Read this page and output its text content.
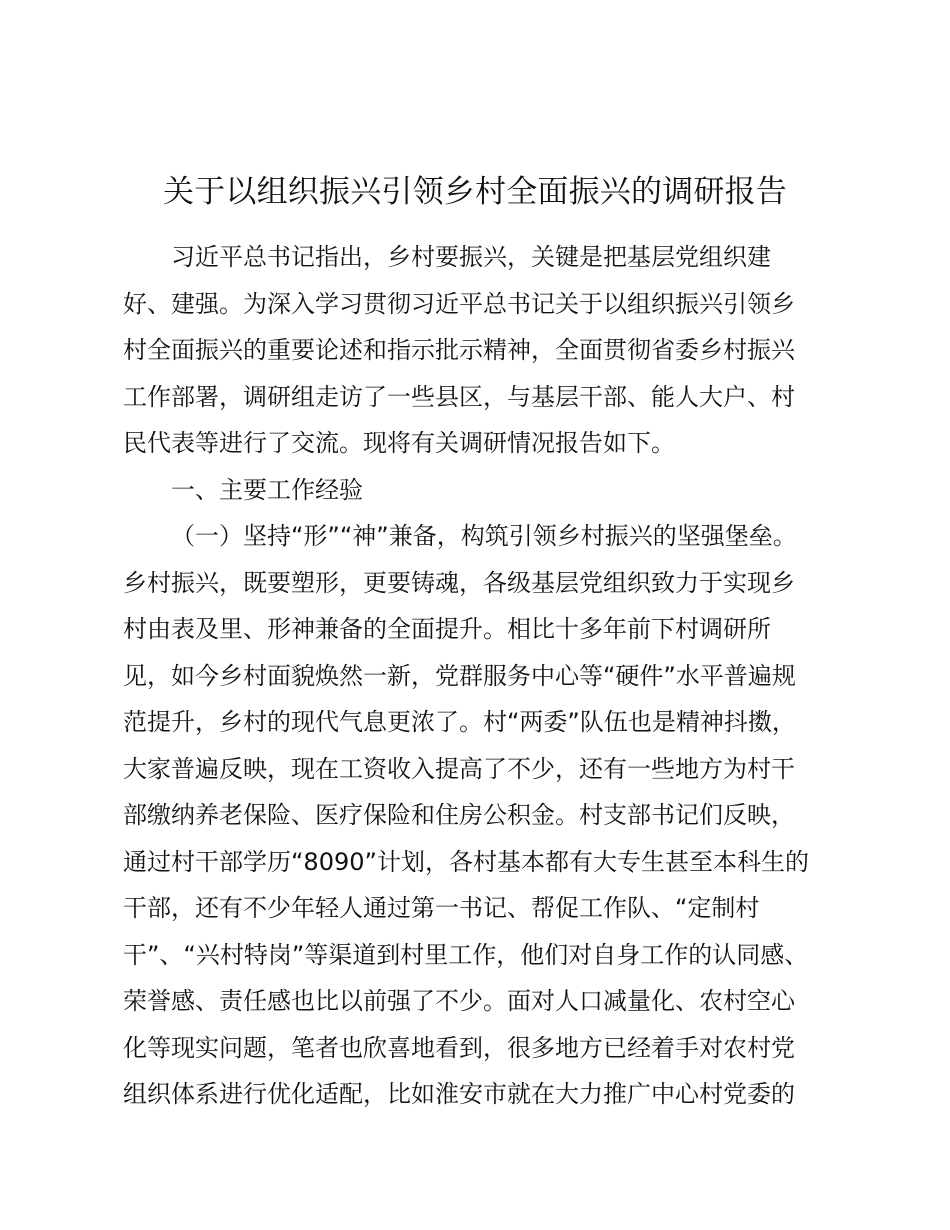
关于以组织振兴引领乡村全面振兴的调研报告
习近平总书记指出，乡村要振兴，关键是把基层党组织建
好、建强。为深入学习贯彻习近平总书记关于以组织振兴引领乡
村全面振兴的重要论述和指示批示精神，全面贯彻省委乡村振兴
工作部署，调研组走访了一些县区，与基层干部、能人大户、村
民代表等进行了交流。现将有关调研情况报告如下。
一、主要工作经验
（一）坚持“形”“神”兼备，构筑引领乡村振兴的坚强堡垒。
乡村振兴，既要塑形，更要铸魂，各级基层党组织致力于实现乡
村由表及里、形神兼备的全面提升。相比十多年前下村调研所
见，如今乡村面貌焕然一新，党群服务中心等“硬件”水平普遍规
范提升，乡村的现代气息更浓了。村“两委”队伍也是精神抖擞，
大家普遍反映，现在工资收入提高了不少，还有一些地方为村干
部缴纳养老保险、医疗保险和住房公积金。村支部书记们反映，
通过村干部学历“8090”计划，各村基本都有大专生甚至本科生的
干部，还有不少年轻人通过第一书记、帮促工作队、“定制村
干”、“兴村特岗”等渠道到村里工作，他们对自身工作的认同感、
荣誉感、责任感也比以前强了不少。面对人口减量化、农村空心
化等现实问题，笔者也欣喜地看到，很多地方已经着手对农村党
组织体系进行优化适配，比如淮安市就在大力推广中心村党委的
